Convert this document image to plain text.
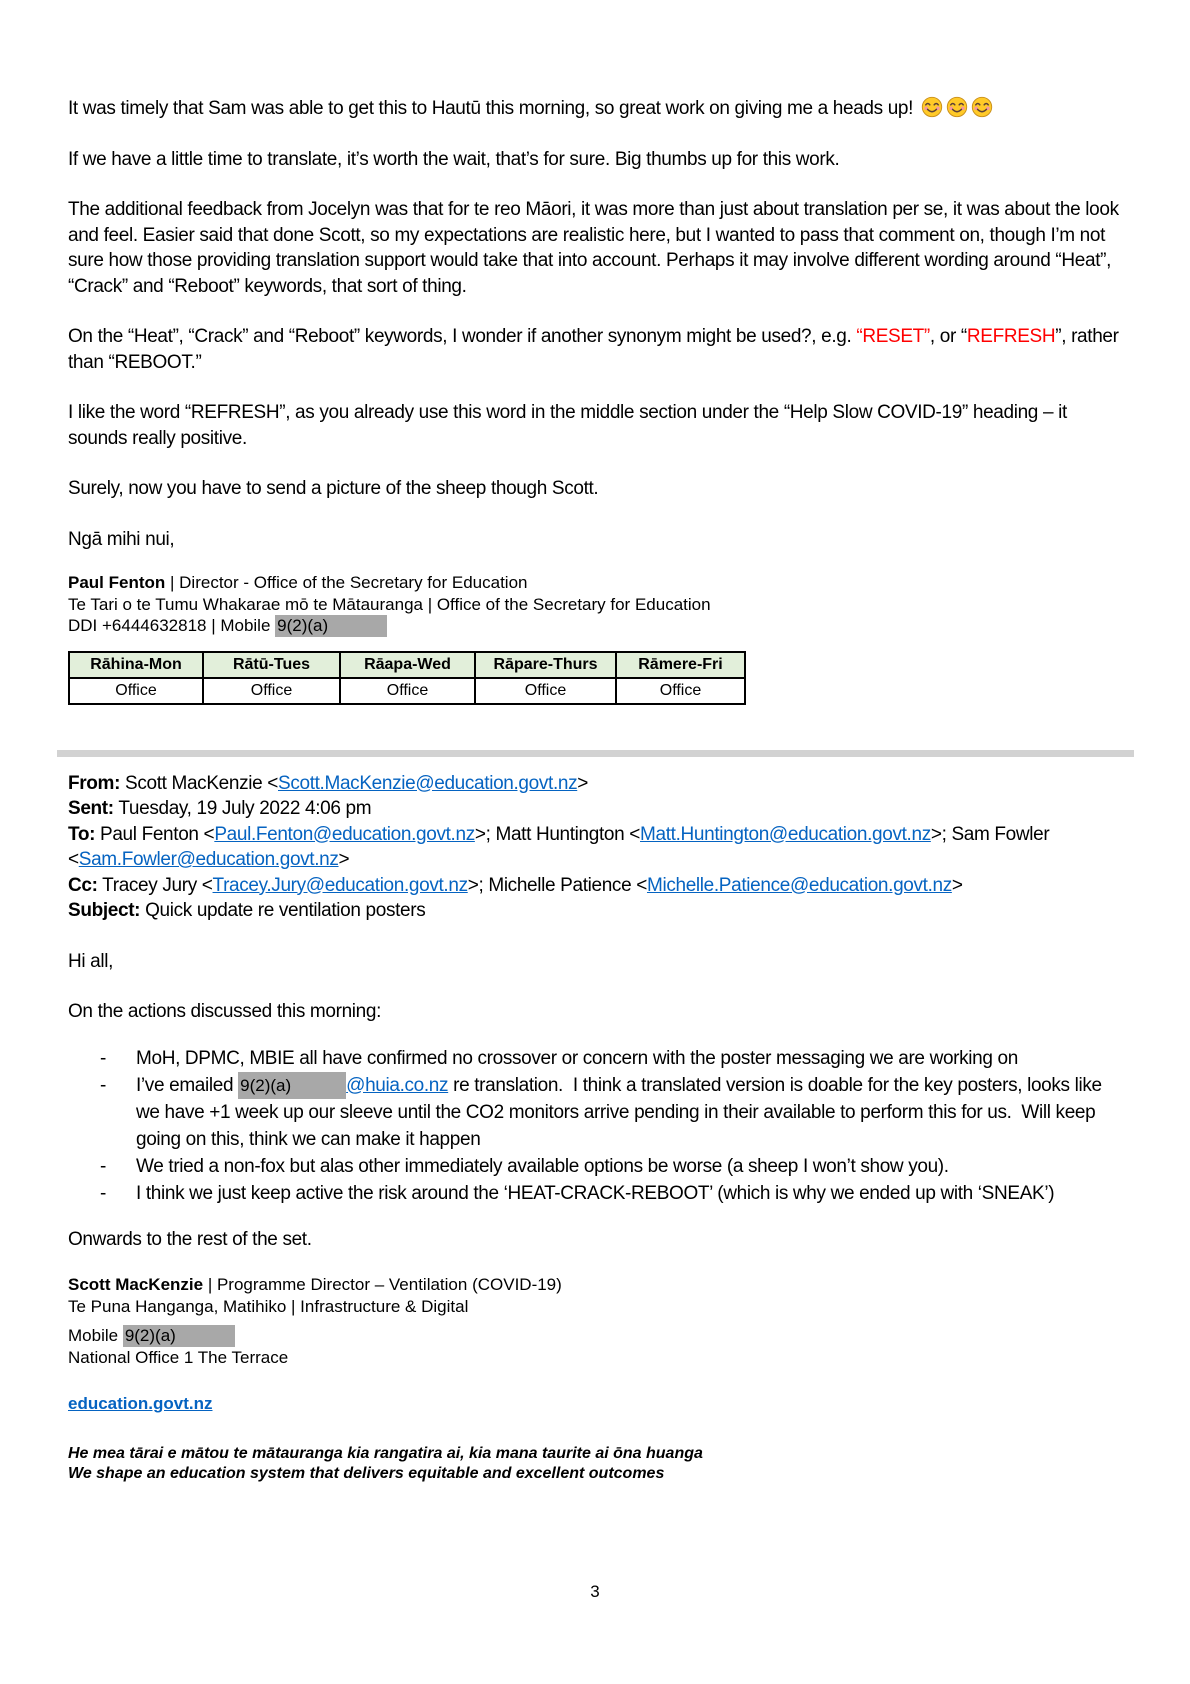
It was timely that Sam was able to get this to Hautū this morning, so great work on giving me a heads up!

If we have a little time to translate, it’s worth the wait, that’s for sure. Big thumbs up for this work.

The additional feedback from Jocelyn was that for te reo Māori, it was more than just about translation per se, it was about the look and feel. Easier said that done Scott, so my expectations are realistic here, but I wanted to pass that comment on, though I’m not sure how those providing translation support would take that into account. Perhaps it may involve different wording around “Heat”, “Crack” and “Reboot” keywords, that sort of thing.

On the “Heat”, “Crack” and “Reboot” keywords, I wonder if another synonym might be used?, e.g. “RESET”, or “REFRESH”, rather than “REBOOT.”

I like the word “REFRESH”, as you already use this word in the middle section under the “Help Slow COVID-19” heading – it sounds really positive.

Surely, now you have to send a picture of the sheep though Scott.

Ngā mihi nui,

Paul Fenton | Director - Office of the Secretary for Education

Te Tari o te Tumu Whakarae mō te Mātauranga | Office of the Secretary for Education

DDI +6444632818 | Mobile 9(2)(a)

Rāhina-Mon	Rātū-Tues	Rāapa-Wed	Rāpare-Thurs	Rāmere-Fri
Office	Office	Office	Office	Office

From: Scott MacKenzie <Scott.MacKenzie@education.govt.nz>

Sent: Tuesday, 19 July 2022 4:06 pm

To: Paul Fenton <Paul.Fenton@education.govt.nz>; Matt Huntington <Matt.Huntington@education.govt.nz>; Sam Fowler <Sam.Fowler@education.govt.nz>

Cc: Tracey Jury <Tracey.Jury@education.govt.nz>; Michelle Patience <Michelle.Patience@education.govt.nz>

Subject: Quick update re ventilation posters

Hi all,

On the actions discussed this morning:

-	MoH, DPMC, MBIE all have confirmed no crossover or concern with the poster messaging we are working on
-	I’ve emailed 9(2)(a)	@huia.co.nz re translation.  I think a translated version is doable for the key posters, looks like we have +1 week up our sleeve until the CO2 monitors arrive pending in their available to perform this for us.  Will keep going on this, think we can make it happen
-	We tried a non-fox but alas other immediately available options be worse (a sheep I won’t show you).
-	I think we just keep active the risk around the ‘HEAT-CRACK-REBOOT’ (which is why we ended up with ‘SNEAK’)

Onwards to the rest of the set.

Scott MacKenzie | Programme Director – Ventilation (COVID-19)

Te Puna Hanganga, Matihiko | Infrastructure & Digital

Mobile 9(2)(a)

National Office 1 The Terrace

education.govt.nz

He mea tārai e mātou te mātauranga kia rangatira ai, kia mana taurite ai ōna huanga

We shape an education system that delivers equitable and excellent outcomes

3
